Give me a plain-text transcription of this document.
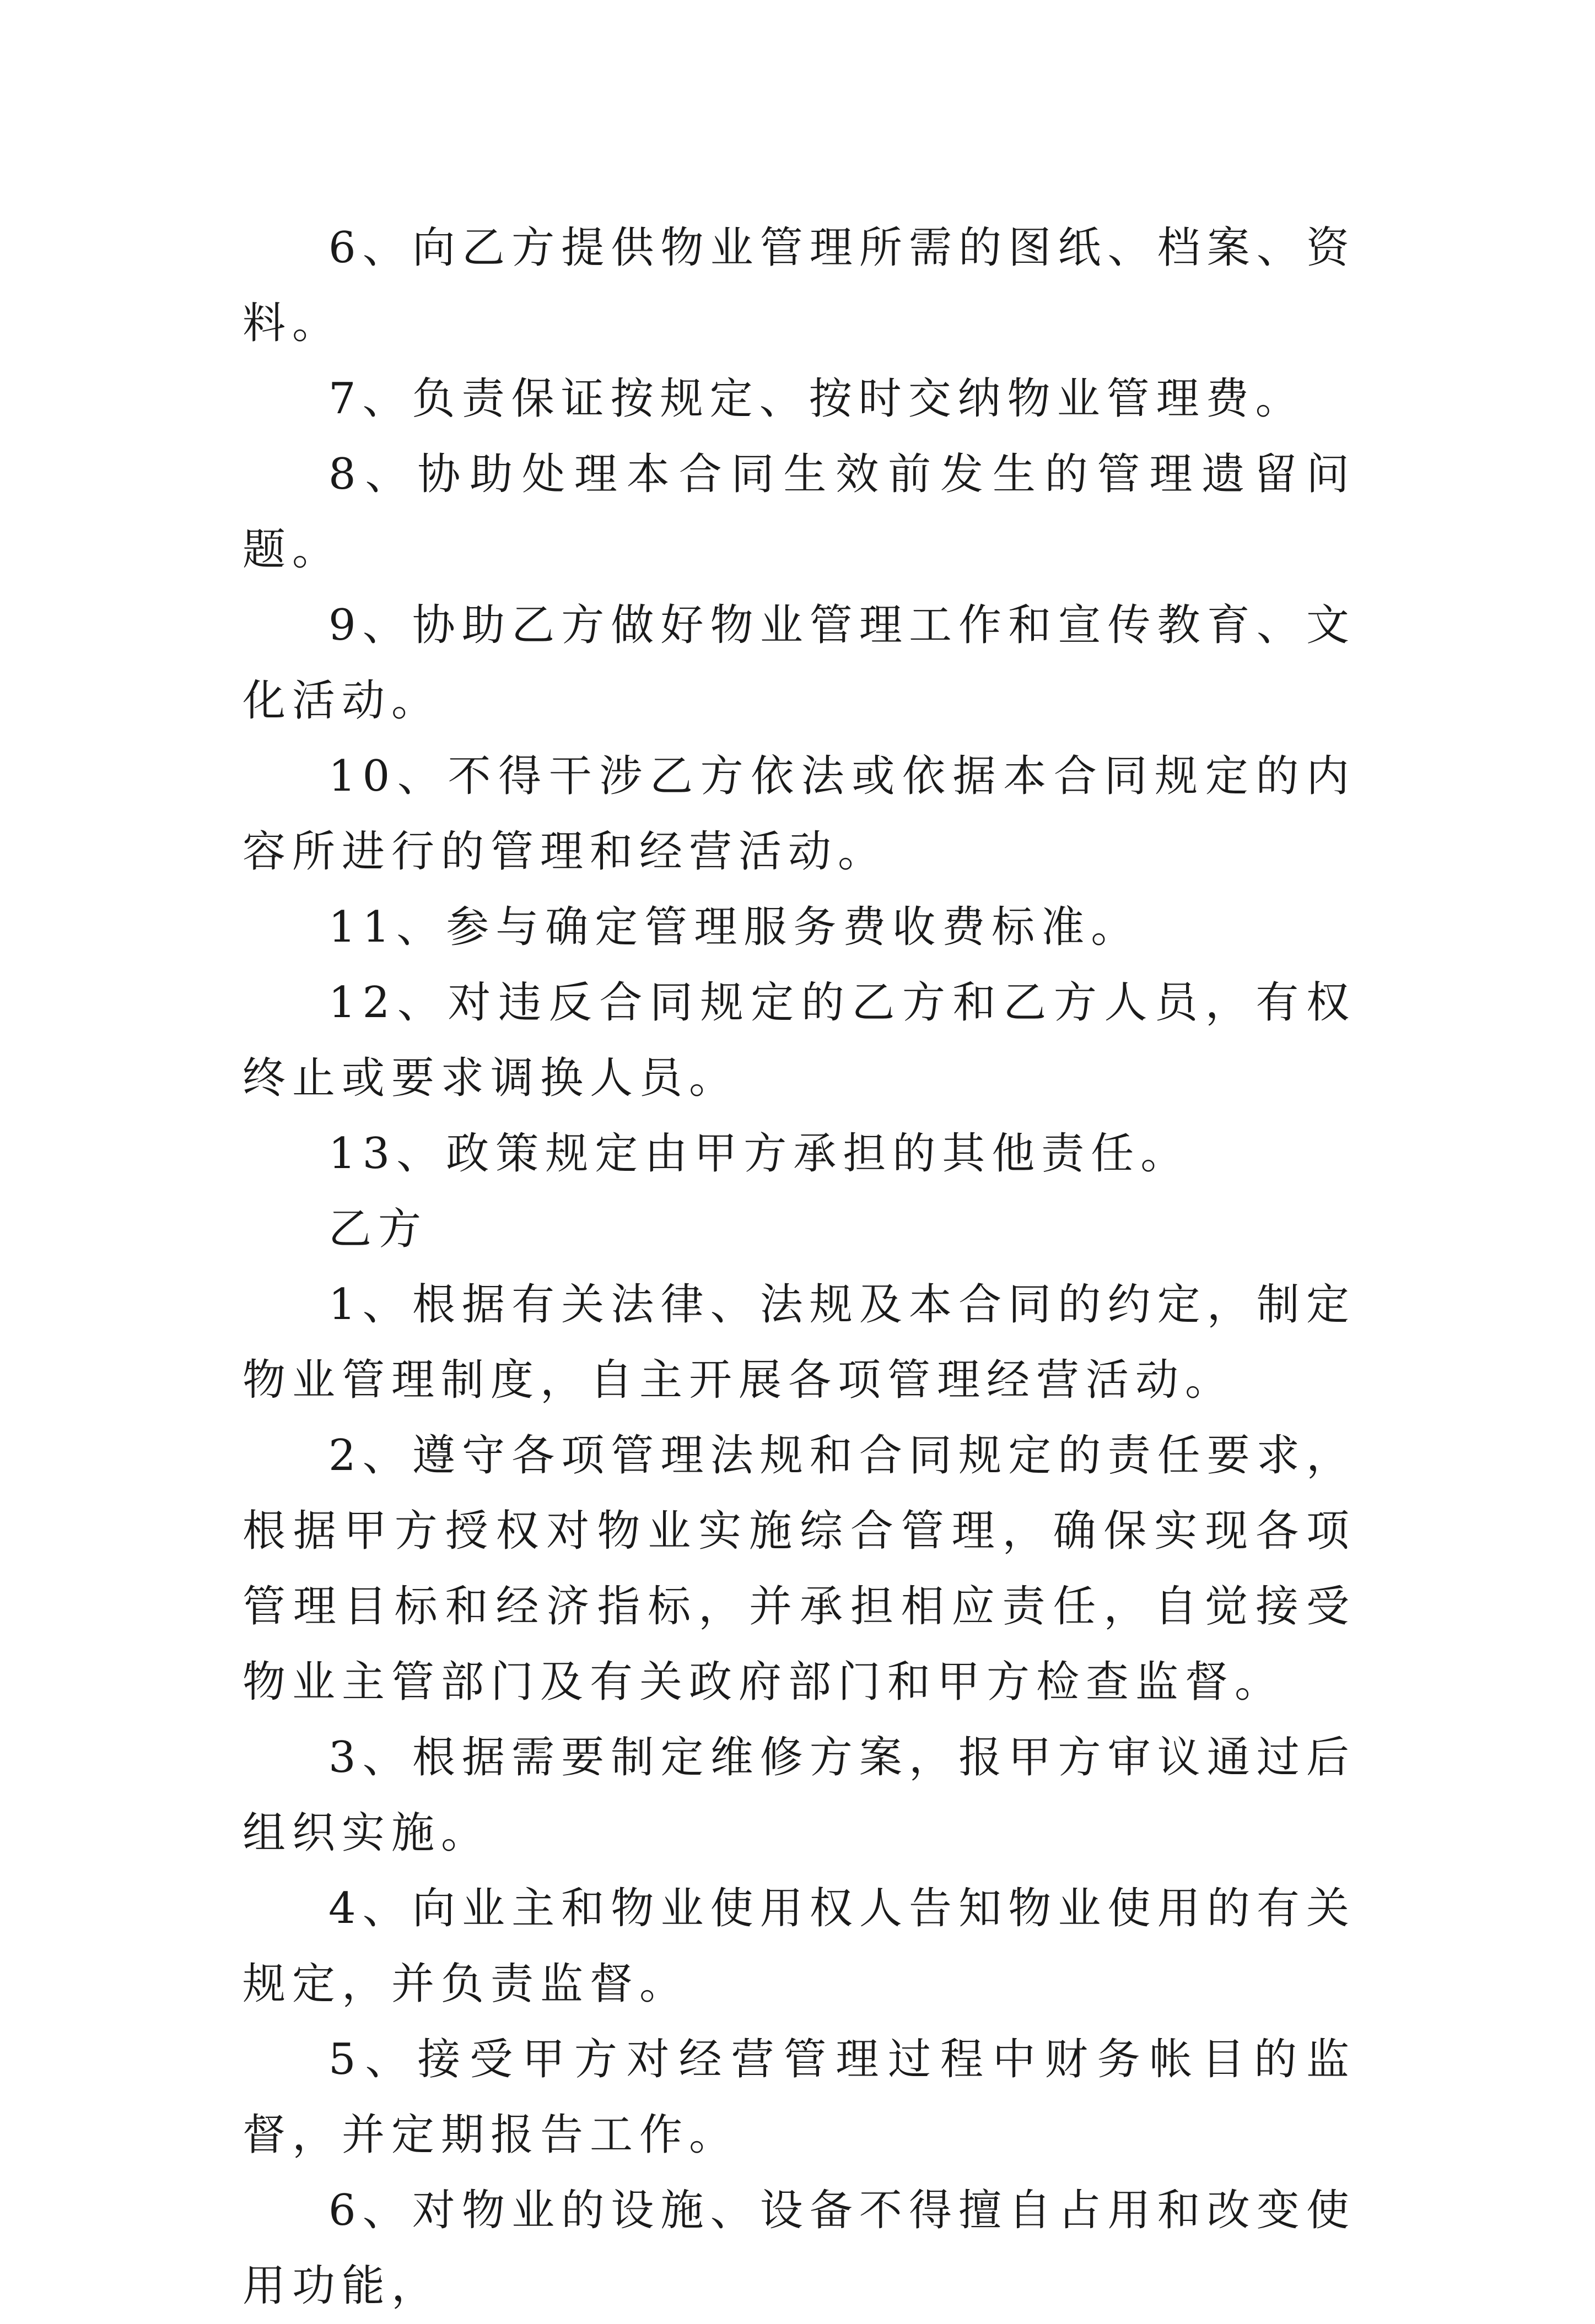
6、向乙方提供物业管理所需的图纸、档案、资料。

7、负责保证按规定、按时交纳物业管理费。

8、协助处理本合同生效前发生的管理遗留问题。

9、协助乙方做好物业管理工作和宣传教育、文化活动。

10、不得干涉乙方依法或依据本合同规定的内容所进行的管理和经营活动。

11、参与确定管理服务费收费标准。

12、对违反合同规定的乙方和乙方人员，有权终止或要求调换人员。

13、政策规定由甲方承担的其他责任。

乙方

1、根据有关法律、法规及本合同的约定，制定物业管理制度，自主开展各项管理经营活动。

2、遵守各项管理法规和合同规定的责任要求，根据甲方授权对物业实施综合管理，确保实现各项管理目标和经济指标，并承担相应责任，自觉接受物业主管部门及有关政府部门和甲方检查监督。

3、根据需要制定维修方案，报甲方审议通过后组织实施。

4、向业主和物业使用权人告知物业使用的有关规定，并负责监督。

5、接受甲方对经营管理过程中财务帐目的监督，并定期报告工作。

6、对物业的设施、设备不得擅自占用和改变使用功能，
